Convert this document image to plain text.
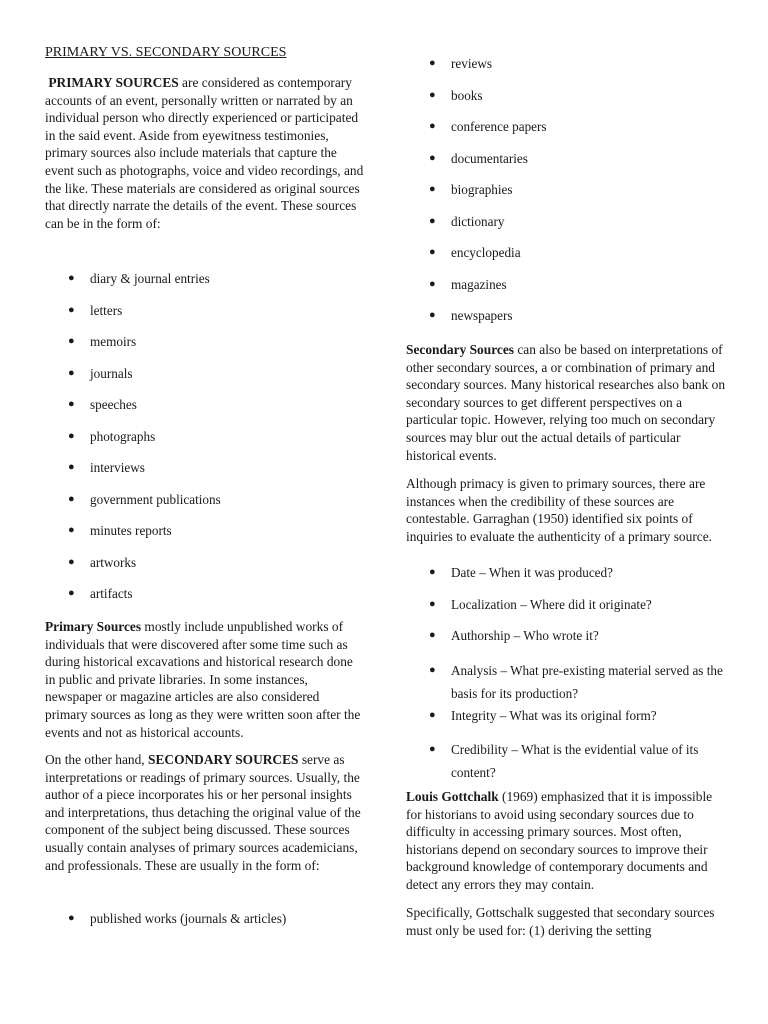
PRIMARY VS. SECONDARY SOURCES

PRIMARY SOURCES are considered as contemporary accounts of an event, personally written or narrated by an individual person who directly experienced or participated in the said event. Aside from eyewitness testimonies, primary sources also include materials that capture the event such as photographs, voice and video recordings, and the like. These materials are considered as original sources that directly narrate the details of the event. These sources can be in the form of:

● diary & journal entries
● letters
● memoirs
● journals
● speeches
● photographs
● interviews
● government publications
● minutes reports
● artworks
● artifacts

Primary Sources mostly include unpublished works of individuals that were discovered after some time such as during historical excavations and historical research done in public and private libraries. In some instances, newspaper or magazine articles are also considered primary sources as long as they were written soon after the events and not as historical accounts.

On the other hand, SECONDARY SOURCES serve as interpretations or readings of primary sources. Usually, the author of a piece incorporates his or her personal insights and interpretations, thus detaching the original value of the component of the subject being discussed. These sources usually contain analyses of primary sources academicians, and professionals. These are usually in the form of:

● published works (journals & articles)
● reviews
● books
● conference papers
● documentaries
● biographies
● dictionary
● encyclopedia
● magazines
● newspapers

Secondary Sources can also be based on interpretations of other secondary sources, a or combination of primary and secondary sources. Many historical researches also bank on secondary sources to get different perspectives on a particular topic. However, relying too much on secondary sources may blur out the actual details of particular historical events.

Although primacy is given to primary sources, there are instances when the credibility of these sources are contestable. Garraghan (1950) identified six points of inquiries to evaluate the authenticity of a primary source.

● Date – When it was produced?
● Localization – Where did it originate?
● Authorship – Who wrote it?
● Analysis – What pre-existing material served as the basis for its production?
● Integrity – What was its original form?
● Credibility – What is the evidential value of its content?

Louis Gottchalk (1969) emphasized that it is impossible for historians to avoid using secondary sources due to difficulty in accessing primary sources. Most often, historians depend on secondary sources to improve their background knowledge of contemporary documents and detect any errors they may contain.

Specifically, Gottschalk suggested that secondary sources must only be used for: (1) deriving the setting
